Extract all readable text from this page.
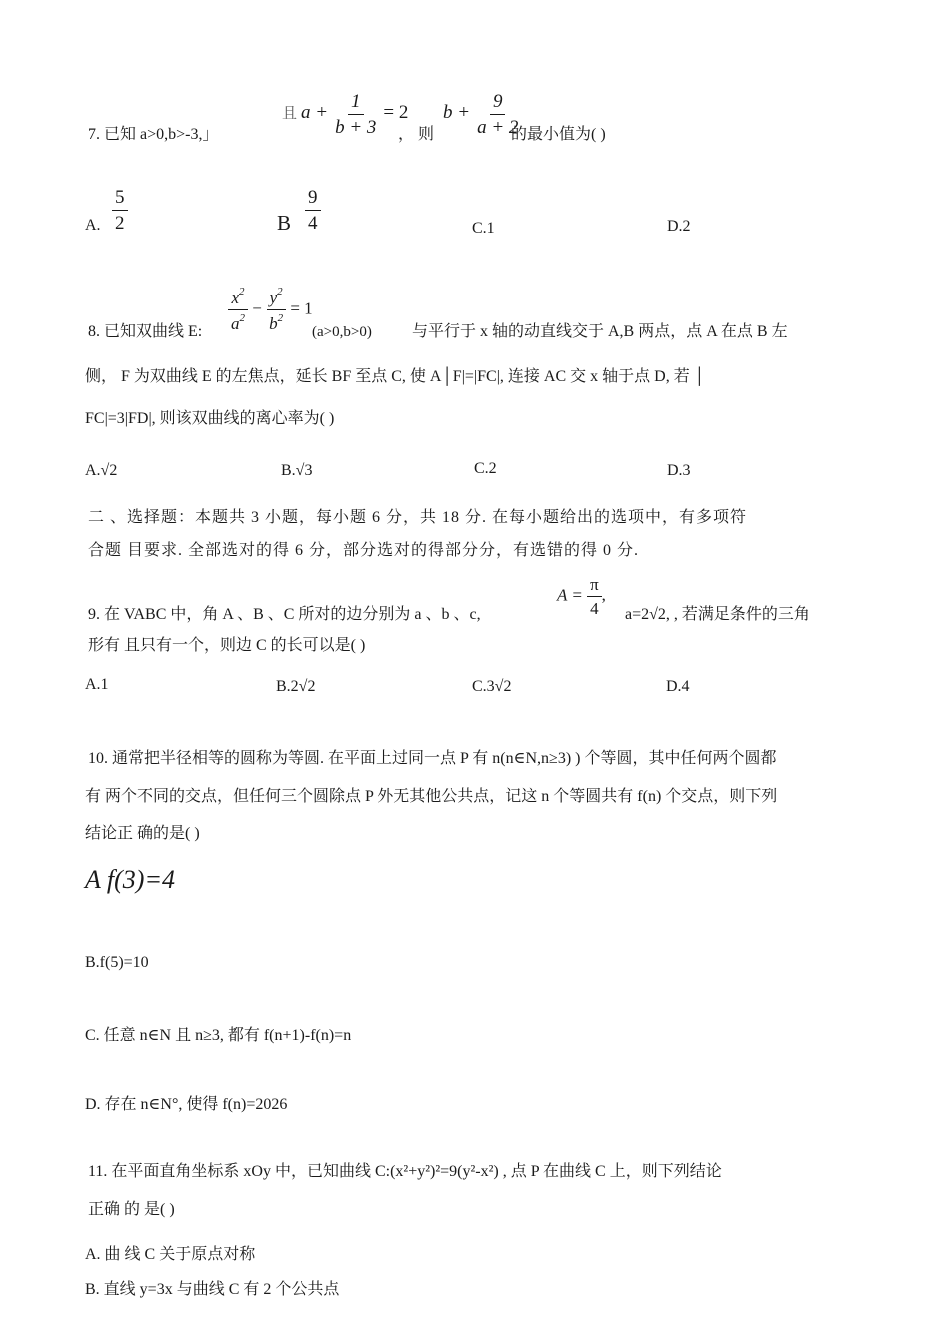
7. 已知 a>0,b>-3,」
且 $a + \frac{1}{b + 3} = 2$
， 则
$b + \frac{9}{a + 2}$
的最小值为( )
A. $\frac{5}{2}$	B $\frac{9}{4}$	C.1	D.2
8. 已知双曲线 E: $\frac{x^2}{a^2} - \frac{y^2}{b^2} = 1$
(a>0,b>0)	与平行于 x 轴的动直线交于 A,B 两点，点 A 在点 B 左
侧， F 为双曲线 E 的左焦点，延长 BF 至点 C, 使 A│F|=|FC|, 连接 AC 交 x 轴于点 D, 若 │
FC|=3|FD|, 则该双曲线的离心率为( )
A.√2	B.√3	C.2	D.3
二 、选择题：本题共 3 小题，每小题 6 分，共 18 分. 在每小题给出的选项中，有多项符
合题 目要求. 全部选对的得 6 分，部分选对的得部分分，有选错的得 0 分.
9. 在 VABC 中，角 A 、B 、C 所对的边分别为 a 、b 、c,
$A = \frac{\pi}{4}$ ,
a=2√2, , 若满足条件的三角
形有 且只有一个，则边 C 的长可以是( )
A.1	B.2√2	C.3√2	D.4
10. 通常把半径相等的圆称为等圆. 在平面上过同一点 P 有 n(n∈N,n≥3) ) 个等圆，其中任何两个圆都
有 两个不同的交点，但任何三个圆除点 P 外无其他公共点，记这 n 个等圆共有 f(n) 个交点，则下列
结论正 确的是( )
A f(3)=4
B.f(5)=10
C. 任意 n∈N 且 n≥3, 都有 f(n+1)-f(n)=n
D. 存在 n∈N°, 使得 f(n)=2026
11. 在平面直角坐标系 xOy 中，已知曲线 C:(x²+y²)²=9(y²-x²) , 点 P 在曲线 C 上，则下列结论
正确 的 是( )
A. 曲 线 C 关于原点对称
B. 直线 y=3x 与曲线 C 有 2 个公共点
